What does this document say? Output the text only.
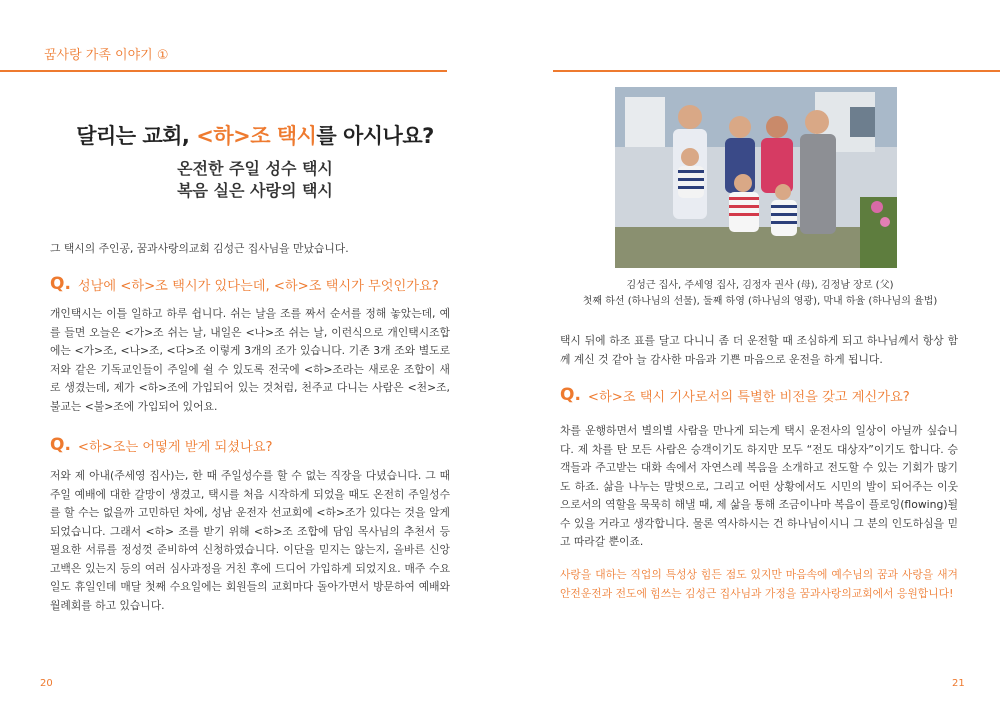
꿈사랑 가족 이야기 ①
달리는 교회, <하>조 택시를 아시나요?
온전한 주일 성수 택시
복음 실은 사랑의 택시

그 택시의 주인공, 꿈과사랑의교회 김성근 집사님을 만났습니다.

Q. 성남에 <하>조 택시가 있다는데, <하>조 택시가 무엇인가요?

개인택시는 이틀 일하고 하루 쉽니다. 쉬는 날을 조를 짜서 순서를 정해 놓았는데, 예를 들면 오늘은 <가>조 쉬는 날, 내일은 <나>조 쉬는 날, 이런식으로 개인택시조합에는 <가>조, <나>조, <다>조 이렇게 3개의 조가 있습니다. 기존 3개 조와 별도로 저와 같은 기독교인들이 주일에 쉴 수 있도록 전국에 <하>조라는 새로운 조합이 새로 생겼는데, 제가 <하>조에 가입되어 있는 것처럼, 천주교 다니는 사람은 <천>조, 불교는 <불>조에 가입되어 있어요.

Q. <하>조는 어떻게 받게 되셨나요?

저와 제 아내(주세영 집사)는, 한 때 주일성수를 할 수 없는 직장을 다녔습니다. 그 때 주일 예배에 대한 갈망이 생겼고, 택시를 처음 시작하게 되었을 때도 온전히 주일성수를 할 수는 없을까 고민하던 차에, 성남 운전자 선교회에 <하>조가 있다는 것을 알게 되었습니다. 그래서 <하> 조를 받기 위해 <하>조 조합에 담임 목사님의 추천서 등 필요한 서류를 정성껏 준비하여 신청하였습니다. 이단을 믿지는 않는지, 올바른 신앙고백은 있는지 등의 여러 심사과정을 거친 후에 드디어 가입하게 되었지요. 매주 수요일도 휴일인데 매달 첫째 수요일에는 회원들의 교회마다 돌아가면서 방문하여 예배와 월례회를 하고 있습니다.

20
김성근 집사, 주세영 집사, 김정자 권사 (母), 김정남 장로 (父)
첫째 하선 (하나님의 선물), 둘째 하영 (하나님의 영광), 막내 하율 (하나님의 율법)

택시 뒤에 하조 표를 달고 다니니 좀 더 운전할 때 조심하게 되고 하나님께서 항상 함께 계신 것 같아 늘 감사한 마음과 기쁜 마음으로 운전을 하게 됩니다.

Q. <하>조 택시 기사로서의 특별한 비전을 갖고 계신가요?

차를 운행하면서 별의별 사람을 만나게 되는게 택시 운전사의 일상이 아닐까 싶습니다. 제 차를 탄 모든 사람은 승객이기도 하지만 모두 “전도 대상자”이기도 합니다. 승객들과 주고받는 대화 속에서 자연스레 복음을 소개하고 전도할 수 있는 기회가 많기도 하죠. 삶을 나누는 말벗으로, 그리고 어떤 상황에서도 시민의 발이 되어주는 이웃으로서의 역할을 묵묵히 해낼 때, 제 삶을 통해 조금이나마 복음이 플로잉(flowing)될 수 있을 거라고 생각합니다. 물론 역사하시는 건 하나님이시니 그 분의 인도하심을 믿고 따라갈 뿐이죠.

사랑을 대하는 직업의 특성상 힘든 점도 있지만 마음속에 예수님의 꿈과 사랑을 새겨 안전운전과 전도에 힘쓰는 김성근 집사님과 가정을 꿈과사랑의교회에서 응원합니다!

21
